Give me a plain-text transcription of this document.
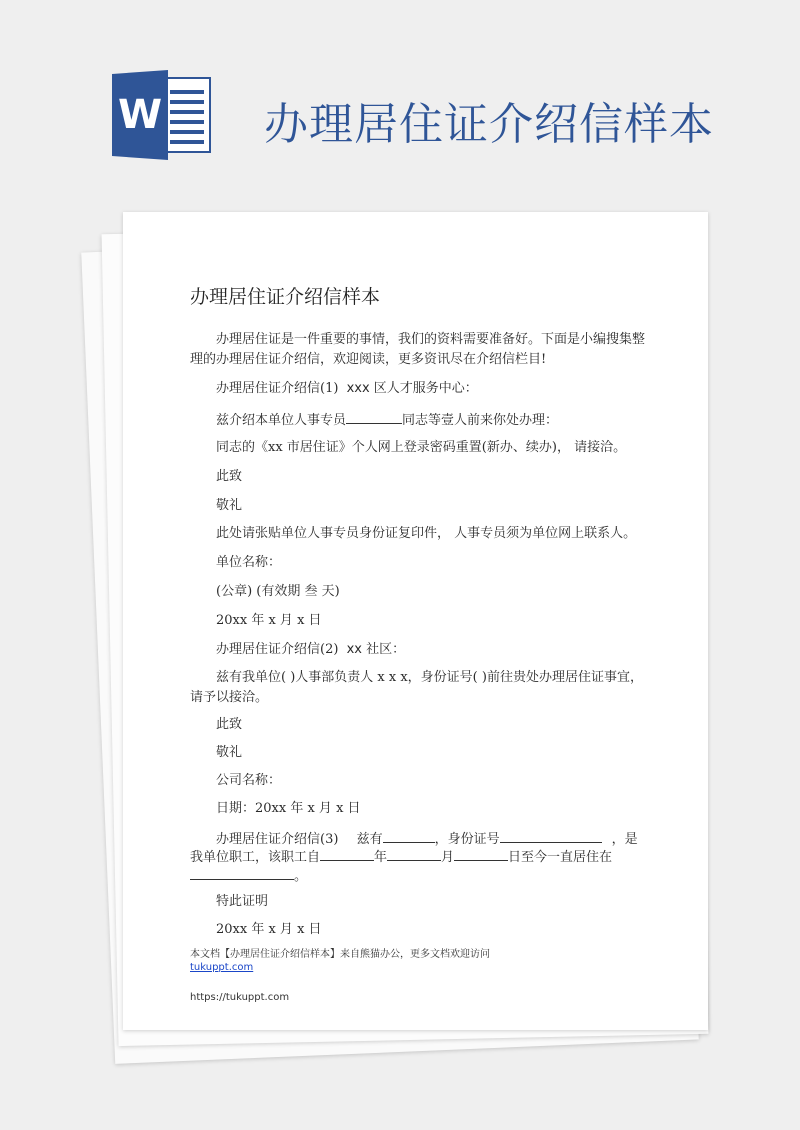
W 办理居住证介绍信样本
办理居住证介绍信样本
办理居住证是一件重要的事情，我们的资料需要准备好。下面是小编搜集整理的办理居住证介绍信，欢迎阅读，更多资讯尽在介绍信栏目!
办理居住证介绍信(1) xxx 区人才服务中心：
兹介绍本单位人事专员	同志等壹人前来你处办理：
同志的《xx 市居住证》个人网上登录密码重置(新办、续办)， 请接洽。
此致
敬礼
此处请张贴单位人事专员身份证复印件， 人事专员须为单位网上联系人。
单位名称：
(公章) (有效期 叁 天)
20xx 年 x 月 x 日
办理居住证介绍信(2) xx 社区：
兹有我单位( )人事部负责人 x x x，身份证号( )前往贵处办理居住证事宜，请予以接洽。
此致
敬礼
公司名称：
日期：20xx 年 x 月 x 日
办理居住证介绍信(3) 兹有	，身份证号	，是
我单位职工，该职工自	年	月	日至今一直居住在
。
特此证明
20xx 年 x 月 x 日
本文档【办理居住证介绍信样本】来自熊猫办公，更多文档欢迎访问
tukuppt.com
https://tukuppt.com
